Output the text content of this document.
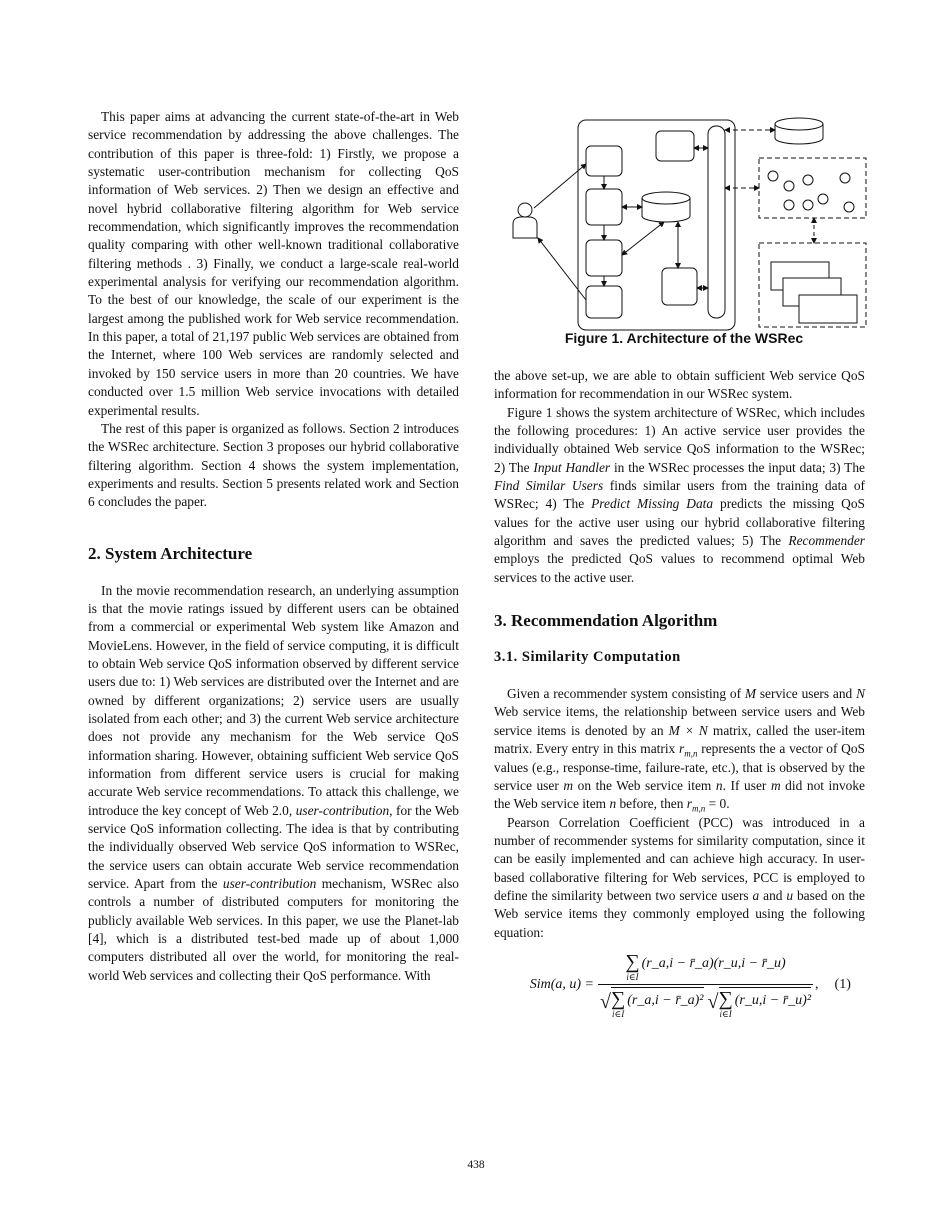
This paper aims at advancing the current state-of-the-art in Web service recommendation by addressing the above challenges. The contribution of this paper is three-fold: 1) Firstly, we propose a systematic user-contribution mechanism for collecting QoS information of Web services. 2) Then we design an effective and novel hybrid collaborative filtering algorithm for Web service recommendation, which significantly improves the recommendation quality comparing with other well-known traditional collaborative filtering methods . 3) Finally, we conduct a large-scale real-world experimental analysis for verifying our recommendation algorithm. To the best of our knowledge, the scale of our experiment is the largest among the published work for Web service recommendation. In this paper, a total of 21,197 public Web services are obtained from the Internet, where 100 Web services are randomly selected and invoked by 150 service users in more than 20 countries. We have conducted over 1.5 million Web service invocations with detailed experimental results.

The rest of this paper is organized as follows. Section 2 introduces the WSRec architecture. Section 3 proposes our hybrid collaborative filtering algorithm. Section 4 shows the system implementation, experiments and results. Section 5 presents related work and Section 6 concludes the paper.

2. System Architecture

In the movie recommendation research, an underlying assumption is that the movie ratings issued by different users can be obtained from a commercial or experimental Web system like Amazon and MovieLens. However, in the field of service computing, it is difficult to obtain Web service QoS information observed by different service users due to: 1) Web services are distributed over the Internet and are owned by different organizations; 2) service users are usually isolated from each other; and 3) the current Web service architecture does not provide any mechanism for the Web service QoS information sharing. However, obtaining sufficient Web service QoS information from different service users is crucial for making accurate Web service recommendations. To attack this challenge, we introduce the key concept of Web 2.0, user-contribution, for the Web service QoS information collecting. The idea is that by contributing the individually observed Web service QoS information to WSRec, the service users can obtain accurate Web service recommendation service. Apart from the user-contribution mechanism, WSRec also controls a number of distributed computers for monitoring the publicly available Web services. In this paper, we use the Planet-lab [4], which is a distributed test-bed made up of about 1,000 computers distributed all over the world, for monitoring the real-world Web services and collecting their QoS performance. With

Figure 1. Architecture of the WSRec

the above set-up, we are able to obtain sufficient Web service QoS information for recommendation in our WSRec system.

Figure 1 shows the system architecture of WSRec, which includes the following procedures: 1) An active service user provides the individually obtained Web service QoS information to the WSRec; 2) The Input Handler in the WSRec processes the input data; 3) The Find Similar Users finds similar users from the training data of WSRec; 4) The Predict Missing Data predicts the missing QoS values for the active user using our hybrid collaborative filtering algorithm and saves the predicted values; 5) The Recommender employs the predicted QoS values to recommend optimal Web services to the active user.

3. Recommendation Algorithm
3.1. Similarity Computation

Given a recommender system consisting of M service users and N Web service items, the relationship between service users and Web service items is denoted by an M × N matrix, called the user-item matrix. Every entry in this matrix $r_{m,n}$ represents the a vector of QoS values (e.g., response-time, failure-rate, etc.), that is observed by the service user m on the Web service item n. If user m did not invoke the Web service item n before, then $r_{m,n} = 0$.

Pearson Correlation Coefficient (PCC) was introduced in a number of recommender systems for similarity computation, since it can be easily implemented and can achieve high accuracy. In user-based collaborative filtering for Web services, PCC is employed to define the similarity between two service users a and u based on the Web service items they commonly employed using the following equation:

Sim(a, u) =
∑
i∈I
(r_a,i − r̄_a)(r_u,i − r̄_u)
√ ∑
i∈I
(r_a,i − r̄_a)² √ ∑
i∈I
(r_u,i − r̄_u)²
,	(1)
438
